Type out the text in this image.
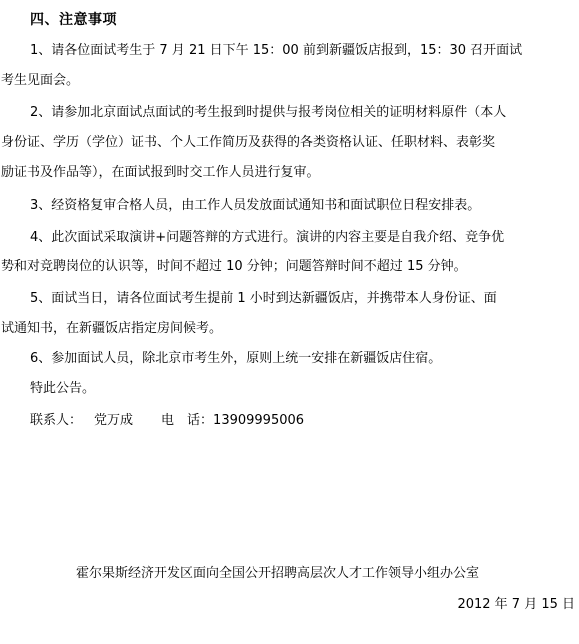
四、注意事项
1、请各位面试考生于 7 月 21 日下午 15：00 前到新疆饭店报到，15：30 召开面试
考生见面会。
2、请参加北京面试点面试的考生报到时提供与报考岗位相关的证明材料原件（本人
身份证、学历（学位）证书、个人工作简历及获得的各类资格认证、任职材料、表彰奖
励证书及作品等），在面试报到时交工作人员进行复审。
3、经资格复审合格人员，由工作人员发放面试通知书和面试职位日程安排表。
4、此次面试采取演讲+问题答辩的方式进行。演讲的内容主要是自我介绍、竞争优
势和对竞聘岗位的认识等，时间不超过 10 分钟；问题答辩时间不超过 15 分钟。
5、面试当日，请各位面试考生提前 1 小时到达新疆饭店，并携带本人身份证、面
试通知书，在新疆饭店指定房间候考。
6、参加面试人员，除北京市考生外，原则上统一安排在新疆饭店住宿。
特此公告。
联系人： 党万成 电　话：13909995006
霍尔果斯经济开发区面向全国公开招聘高层次人才工作领导小组办公室
2012 年 7 月 15 日
